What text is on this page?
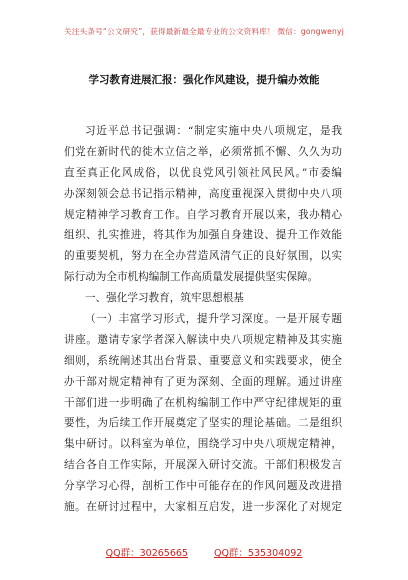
关注头条号“公文研究”，获得最新最全最专业的公文资料库！ 微信：gongwenyj
学习教育进展汇报：强化作风建设，提升编办效能
习近平总书记强调：“制定实施中央八项规定，是我
们党在新时代的徙木立信之举，必须常抓不懈、久久为功
直至真正化风成俗，以优良党风引领社风民风。”市委编
办深刻领会总书记指示精神，高度重视深入贯彻中央八项
规定精神学习教育工作。自学习教育开展以来，我办精心
组织、扎实推进，将其作为加强自身建设、提升工作效能
的重要契机，努力在全办营造风清气正的良好氛围，以实
际行动为全市机构编制工作高质量发展提供坚实保障。
一、强化学习教育，筑牢思想根基
（一）丰富学习形式，提升学习深度。一是开展专题
讲座。邀请专家学者深入解读中央八项规定精神及其实施
细则，系统阐述其出台背景、重要意义和实践要求，使全
办干部对规定精神有了更为深刻、全面的理解。通过讲座
干部们进一步明确了在机构编制工作中严守纪律规矩的重
要性，为后续工作开展奠定了坚实的理论基础。二是组织
集中研讨。以科室为单位，围绕学习中央八项规定精神，
结合各自工作实际，开展深入研讨交流。干部们积极发言
分享学习心得，剖析工作中可能存在的作风问题及改进措
施。在研讨过程中，大家相互启发，进一步深化了对规定
QQ群：30265665	QQ群：535304092
